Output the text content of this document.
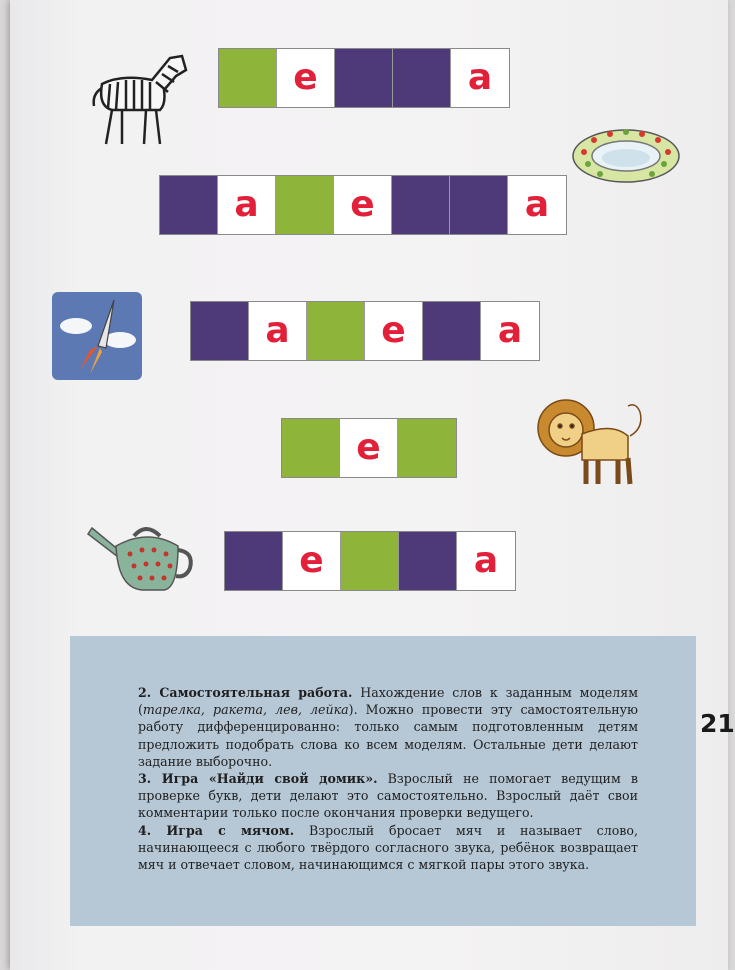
е	а
а	е	а
а	е	а
е
е	а

2. Самостоятельная работа. Нахождение слов к заданным моделям (тарелка, ракета, лев, лейка). Можно провести эту самостоятельную работу дифференцированно: только самым подготовленным детям предложить подобрать слова ко всем моделям. Остальные дети делают задание выборочно.

3. Игра «Найди свой домик». Взрослый не помогает ведущим в проверке букв, дети делают это самостоятельно. Взрослый даёт свои комментарии только после окончания проверки ведущего.

4. Игра с мячом. Взрослый бросает мяч и называет слово, начинающееся с любого твёрдого согласного звука, ребёнок возвращает мяч и отвечает словом, начинающимся с мягкой пары этого звука.

21
